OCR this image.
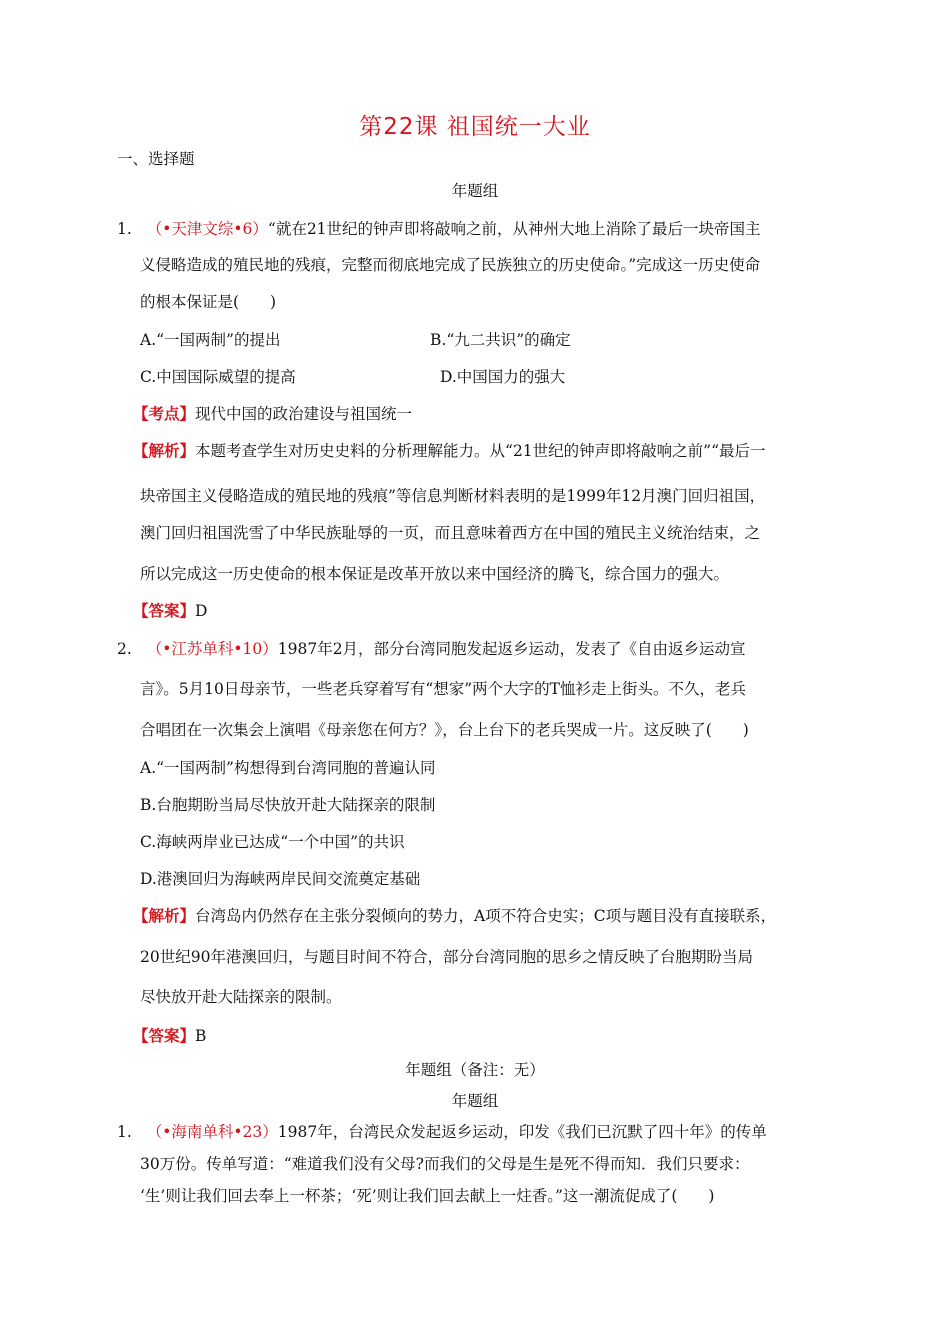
第22课 祖国统一大业
一、选择题
年题组
1. （•天津文综•6）“就在21世纪的钟声即将敲响之前，从神州大地上消除了最后一块帝国主
义侵略造成的殖民地的残痕，完整而彻底地完成了民族独立的历史使命。”完成这一历史使命
的根本保证是(　　)
A.“一国两制”的提出	B.“九二共识”的确定
C.中国国际威望的提高	D.中国国力的强大
【考点】现代中国的政治建设与祖国统一
【解析】本题考查学生对历史史料的分析理解能力。从“21世纪的钟声即将敲响之前”“最后一
块帝国主义侵略造成的殖民地的残痕”等信息判断材料表明的是1999年12月澳门回归祖国，
澳门回归祖国洗雪了中华民族耻辱的一页，而且意味着西方在中国的殖民主义统治结束，之
所以完成这一历史使命的根本保证是改革开放以来中国经济的腾飞，综合国力的强大。
【答案】D
2. （•江苏单科•10）1987年2月，部分台湾同胞发起返乡运动，发表了《自由返乡运动宣
言》。5月10日母亲节，一些老兵穿着写有“想家”两个大字的T恤衫走上街头。不久，老兵
合唱团在一次集会上演唱《母亲您在何方？》，台上台下的老兵哭成一片。这反映了(　　)
A.“一国两制”构想得到台湾同胞的普遍认同
B.台胞期盼当局尽快放开赴大陆探亲的限制
C.海峡两岸业已达成“一个中国”的共识
D.港澳回归为海峡两岸民间交流奠定基础
【解析】台湾岛内仍然存在主张分裂倾向的势力，A项不符合史实；C项与题目没有直接联系，
20世纪90年港澳回归，与题目时间不符合，部分台湾同胞的思乡之情反映了台胞期盼当局
尽快放开赴大陆探亲的限制。
【答案】B
年题组（备注：无）
年题组
1. （•海南单科•23）1987年，台湾民众发起返乡运动，印发《我们已沉默了四十年》的传单
30万份。传单写道：“难道我们没有父母?而我们的父母是生是死不得而知．我们只要求：
‘生’则让我们回去奉上一杯茶；‘死’则让我们回去献上一炷香。”这一潮流促成了(　　)
